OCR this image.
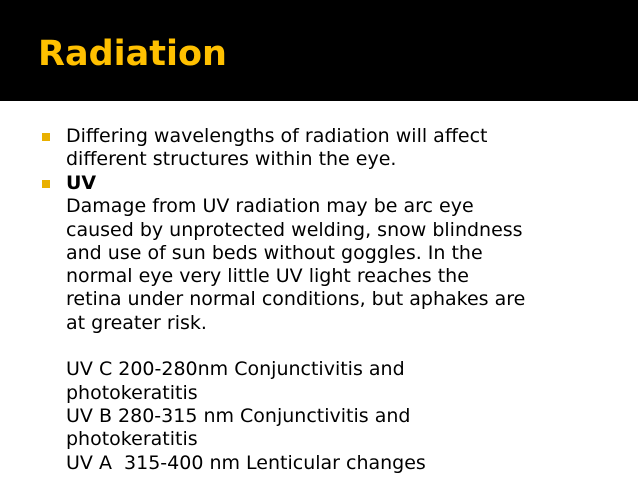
Radiation
Differing wavelengths of radiation will affect
different structures within the eye.
UV
Damage from UV radiation may be arc eye
caused by unprotected welding, snow blindness
and use of sun beds without goggles. In the
normal eye very little UV light reaches the
retina under normal conditions, but aphakes are
at greater risk.
UV C 200-280nm Conjunctivitis and
photokeratitis
UV B 280-315 nm Conjunctivitis and
photokeratitis
UV A  315-400 nm Lenticular changes
